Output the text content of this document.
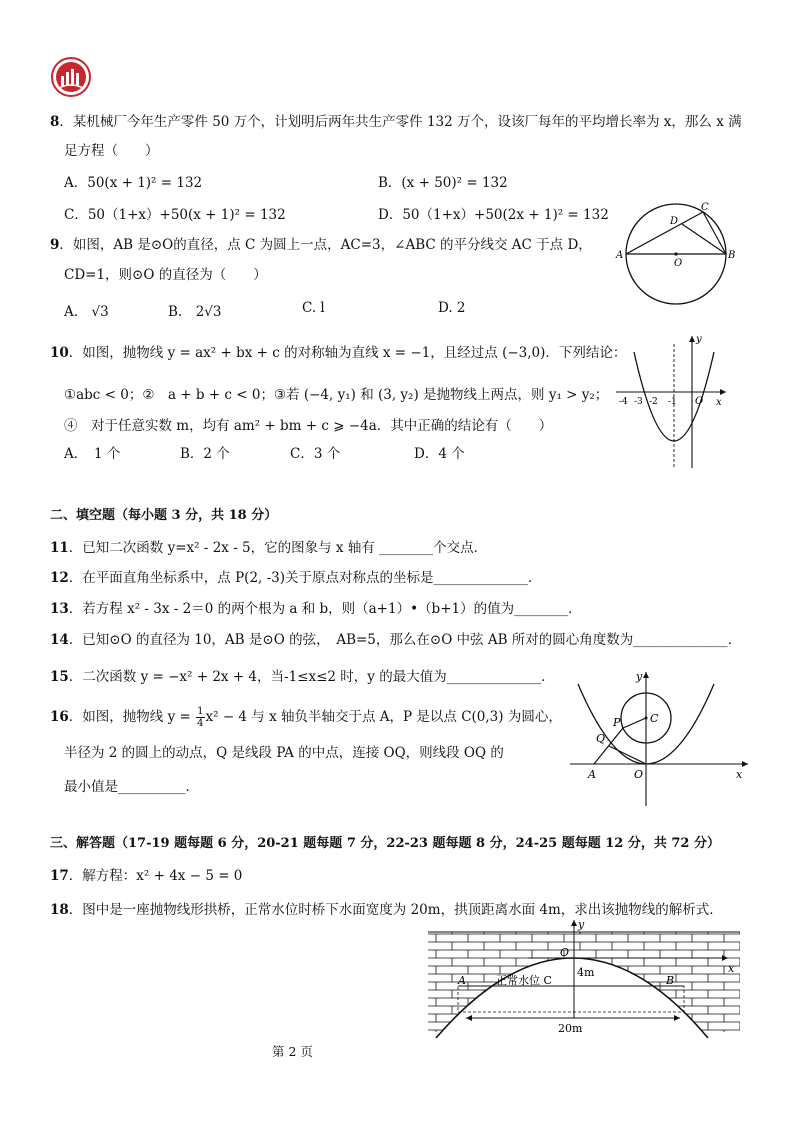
8．某机械厂今年生产零件 50 万个，计划明后两年共生产零件 132 万个，设该厂每年的平均增长率为 x，那么 x 满
足方程（　　）
A．50(x + 1)² = 132	B．(x + 50)² = 132
C．50（1+x）+50(x + 1)² = 132	D．50（1+x）+50(2x + 1)² = 132
9．如图，AB 是⊙O的直径，点 C 为圆上一点，AC=3，∠ABC 的平分线交 AC 于点 D，
CD=1，则⊙O 的直径为（　　）
A.　√3	B.　2√3	C. l	D. 2
A	B
C
D
O
10．如图，抛物线 y = ax² + bx + c 的对称轴为直线 x = −1，且经过点 (−3,0)．下列结论：
①abc < 0；②　a + b + c < 0；③若 (−4, y₁) 和 (3, y₂) 是抛物线上两点，则 y₁ > y₂；
④　对于任意实数 m，均有 am² + bm + c ⩾ −4a．其中正确的结论有（　　）
A．　1 个	B．2 个	C．3 个	D．4 个
y
x
O
-4 -3 -2 -1
二、填空题（每小题 3 分，共 18 分）
11．已知二次函数 y=x² - 2x - 5，它的图象与 x 轴有 ________个交点．
12．在平面直角坐标系中，点 P(2, -3)关于原点对称点的坐标是______________．
13．若方程 x² - 3x - 2＝0 的两个根为 a 和 b，则（a+1）•（b+1）的值为________．
14．已知⊙O 的直径为 10，AB 是⊙O 的弦，　AB=5，那么在⊙O 中弦 AB 所对的圆心角度数为______________．
15．二次函数 y = −x² + 2x + 4，当-1≤x≤2 时，y 的最大值为______________．
16．如图，抛物线 $y = \frac{1}{4} x^2 - 4$ 与 x 轴负半轴交于点 A，P 是以点 C(0,3) 为圆心，
半径为 2 的圆上的动点，Q 是线段 PA 的中点，连接 OQ，则线段 OQ 的
最小值是__________．
y
x
P	C
Q
A	O
三、解答题（17-19 题每题 6 分，20-21 题每题 7 分，22-23 题每题 8 分，24-25 题每题 12 分，共 72 分）
17．解方程：x² + 4x − 5 = 0
18．图中是一座抛物线形拱桥，正常水位时桥下水面宽度为 20m，拱顶距离水面 4m，求出该抛物线的解析式．
y
x
O
4m
正常水位 C
A	B
20m
第 2 页
